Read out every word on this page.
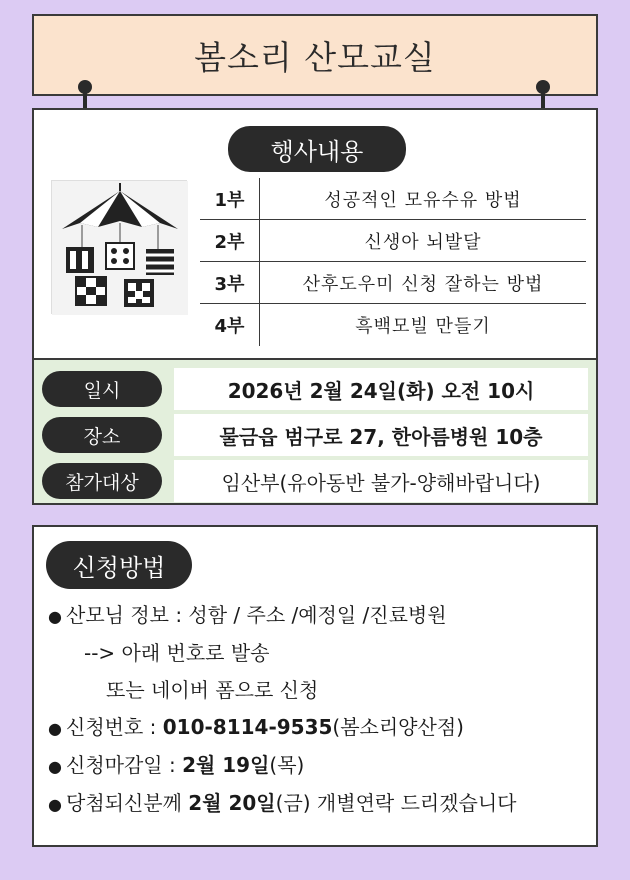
봄소리 산모교실
행사내용
1부	성공적인 모유수유 방법
2부	신생아 뇌발달
3부	산후도우미 신청 잘하는 방법
4부	흑백모빌 만들기
일시	2026년 2월 24일(화) 오전 10시
장소	물금읍 범구로 27, 한아름병원 10층
참가대상	임산부(유아동반 불가-양해바랍니다)
신청방법
● 산모님 정보 : 성함 / 주소 /예정일 /진료병원
--> 아래 번호로 발송
또는 네이버 폼으로 신청
● 신청번호 : 010-8114-9535(봄소리양산점)
● 신청마감일 : 2월 19일(목)
● 당첨되신분께 2월 20일(금) 개별연락 드리겠습니다
